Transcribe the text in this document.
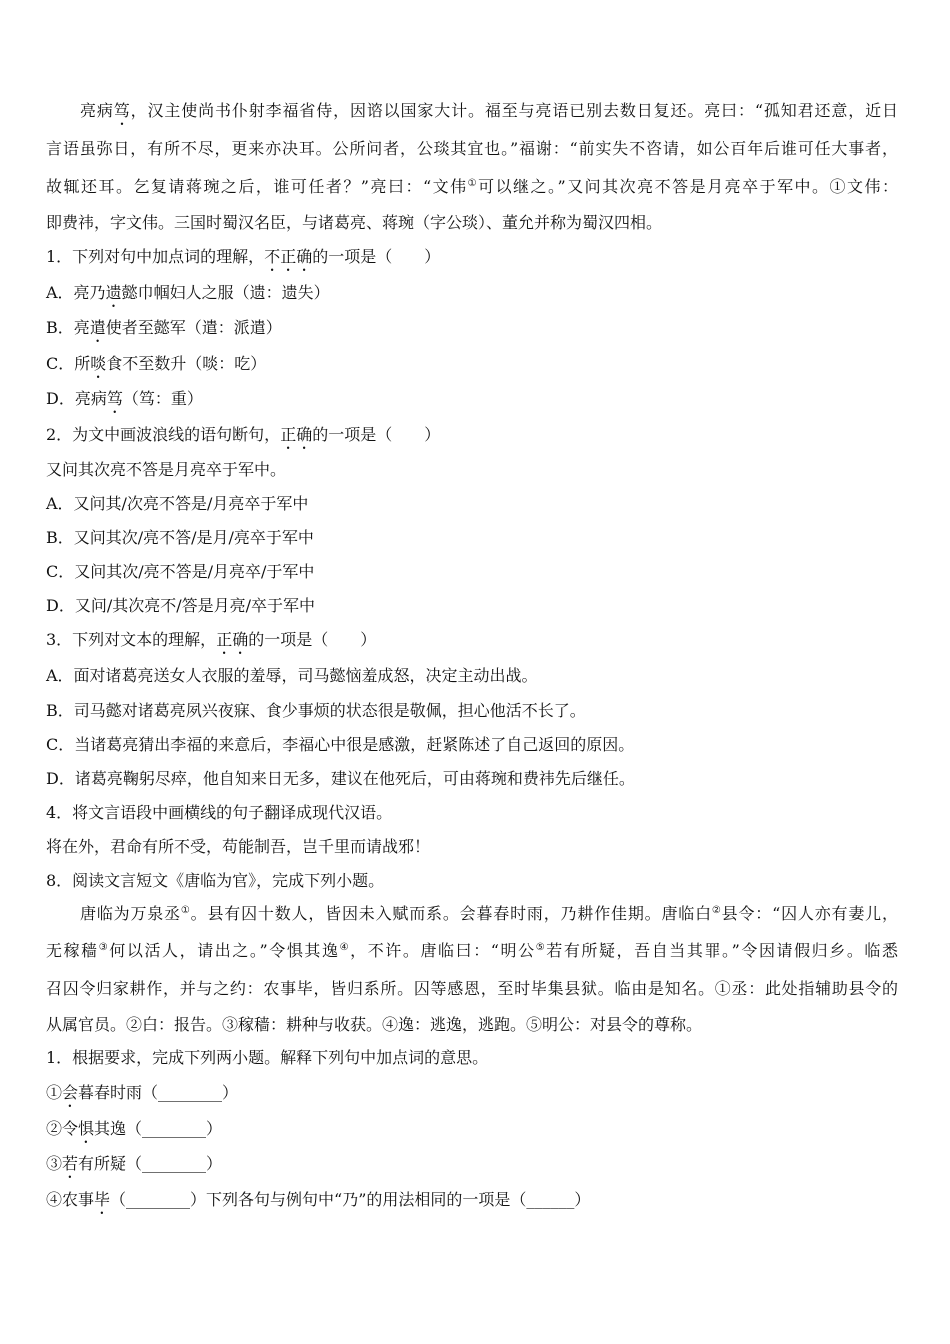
亮病笃，汉主使尚书仆射李福省侍，因谘以国家大计。福至与亮语已别去数日复还。亮曰：“孤知君还意，近日
言语虽弥日，有所不尽，更来亦决耳。公所问者，公琰其宜也。”福谢：“前实失不咨请，如公百年后谁可任大事者，
故辄还耳。乞复请蒋琬之后，谁可任者？”亮曰：“文伟①可以继之。”又问其次亮不答是月亮卒于军中。①文伟：
即费祎，字文伟。三国时蜀汉名臣，与诸葛亮、蒋琬（字公琰）、董允并称为蜀汉四相。
1．下列对句中加点词的理解，不正确的一项是（　　）
A．亮乃遗懿巾帼妇人之服（遗：遗失）
B．亮遣使者至懿军（遣：派遣）
C．所啖食不至数升（啖：吃）
D．亮病笃（笃：重）
2．为文中画波浪线的语句断句，正确的一项是（　　）
又问其次亮不答是月亮卒于军中。
A．又问其/次亮不答是/月亮卒于军中
B．又问其次/亮不答/是月/亮卒于军中
C．又问其次/亮不答是/月亮卒/于军中
D．又问/其次亮不/答是月亮/卒于军中
3．下列对文本的理解，正确的一项是（　　）
A．面对诸葛亮送女人衣服的羞辱，司马懿恼羞成怒，决定主动出战。
B．司马懿对诸葛亮夙兴夜寐、食少事烦的状态很是敬佩，担心他活不长了。
C．当诸葛亮猜出李福的来意后，李福心中很是感激，赶紧陈述了自己返回的原因。
D．诸葛亮鞠躬尽瘁，他自知来日无多，建议在他死后，可由蒋琬和费祎先后继任。
4．将文言语段中画横线的句子翻译成现代汉语。
将在外，君命有所不受，苟能制吾，岂千里而请战邪！
8．阅读文言短文《唐临为官》，完成下列小题。
唐临为万泉丞①。县有囚十数人，皆因未入赋而系。会暮春时雨，乃耕作佳期。唐临白②县令：“囚人亦有妻儿，
无稼穑③何以活人，请出之。”令惧其逸④，不许。唐临曰：“明公⑤若有所疑，吾自当其罪。”令因请假归乡。临悉
召囚令归家耕作，并与之约：农事毕，皆归系所。囚等感恩，至时毕集县狱。临由是知名。①丞：此处指辅助县令的
从属官员。②白：报告。③稼穑：耕种与收获。④逸：逃逸，逃跑。⑤明公：对县令的尊称。
1．根据要求，完成下列两小题。解释下列句中加点词的意思。
①会暮春时雨（________）
②令惧其逸（________）
③若有所疑（________）
④农事毕（________）下列各句与例句中“乃”的用法相同的一项是（______）
